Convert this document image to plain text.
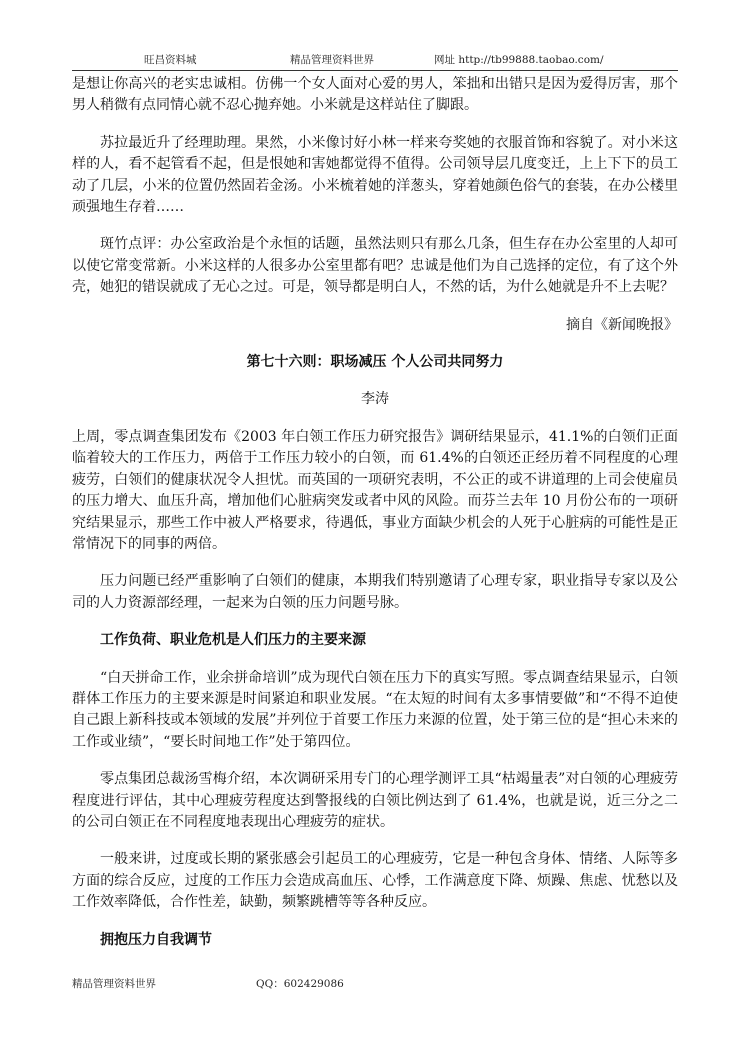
旺昌资料城	精品管理资料世界	网址 http://tb99888.taobao.com/

是想让你高兴的老实忠诚相。仿佛一个女人面对心爱的男人，笨拙和出错只是因为爱得厉害，那个男人稍微有点同情心就不忍心抛弃她。小米就是这样站住了脚跟。

苏拉最近升了经理助理。果然，小米像讨好小林一样来夸奖她的衣服首饰和容貌了。对小米这样的人，看不起管看不起，但是恨她和害她都觉得不值得。公司领导层几度变迁，上上下下的员工动了几层，小米的位置仍然固若金汤。小米梳着她的洋葱头，穿着她颜色俗气的套装，在办公楼里顽强地生存着……

斑竹点评：办公室政治是个永恒的话题，虽然法则只有那么几条，但生存在办公室里的人却可以使它常变常新。小米这样的人很多办公室里都有吧？忠诚是他们为自己选择的定位，有了这个外壳，她犯的错误就成了无心之过。可是，领导都是明白人，不然的话，为什么她就是升不上去呢？

摘自《新闻晚报》

第七十六则：职场减压 个人公司共同努力

李涛

上周，零点调查集团发布《2003 年白领工作压力研究报告》调研结果显示，41.1%的白领们正面临着较大的工作压力，两倍于工作压力较小的白领，而 61.4%的白领还正经历着不同程度的心理疲劳，白领们的健康状况令人担忧。而英国的一项研究表明，不公正的或不讲道理的上司会使雇员的压力增大、血压升高，增加他们心脏病突发或者中风的风险。而芬兰去年 10 月份公布的一项研究结果显示，那些工作中被人严格要求，待遇低，事业方面缺少机会的人死于心脏病的可能性是正常情况下的同事的两倍。

压力问题已经严重影响了白领们的健康，本期我们特别邀请了心理专家，职业指导专家以及公司的人力资源部经理，一起来为白领的压力问题号脉。

工作负荷、职业危机是人们压力的主要来源

“白天拼命工作，业余拼命培训”成为现代白领在压力下的真实写照。零点调查结果显示，白领群体工作压力的主要来源是时间紧迫和职业发展。“在太短的时间有太多事情要做”和“不得不迫使自己跟上新科技或本领域的发展”并列位于首要工作压力来源的位置，处于第三位的是“担心未来的工作或业绩”，“要长时间地工作”处于第四位。

零点集团总裁汤雪梅介绍，本次调研采用专门的心理学测评工具“枯竭量表”对白领的心理疲劳程度进行评估，其中心理疲劳程度达到警报线的白领比例达到了 61.4%，也就是说，近三分之二的公司白领正在不同程度地表现出心理疲劳的症状。

一般来讲，过度或长期的紧张感会引起员工的心理疲劳，它是一种包含身体、情绪、人际等多方面的综合反应，过度的工作压力会造成高血压、心悸，工作满意度下降、烦躁、焦虑、忧愁以及工作效率降低，合作性差，缺勤，频繁跳槽等等各种反应。

拥抱压力自我调节

精品管理资料世界	QQ：602429086
